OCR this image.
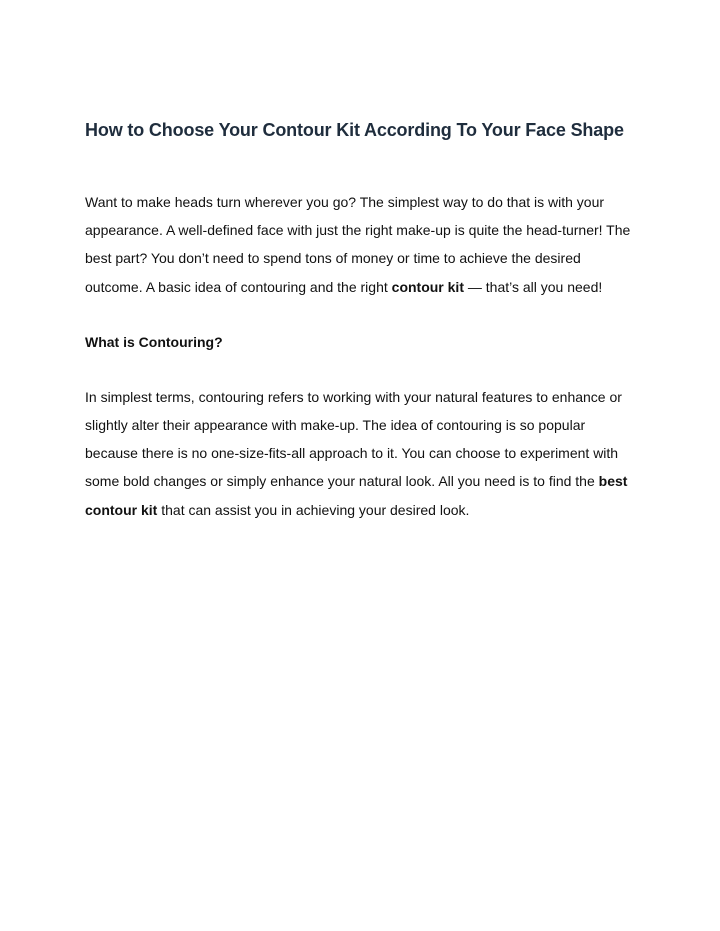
How to Choose Your Contour Kit According To Your Face Shape

Want to make heads turn wherever you go? The simplest way to do that is with your appearance. A well-defined face with just the right make-up is quite the head-turner! The best part? You don’t need to spend tons of money or time to achieve the desired outcome. A basic idea of contouring and the right contour kit — that’s all you need!

What is Contouring?

In simplest terms, contouring refers to working with your natural features to enhance or slightly alter their appearance with make-up. The idea of contouring is so popular because there is no one-size-fits-all approach to it. You can choose to experiment with some bold changes or simply enhance your natural look. All you need is to find the best contour kit that can assist you in achieving your desired look.
